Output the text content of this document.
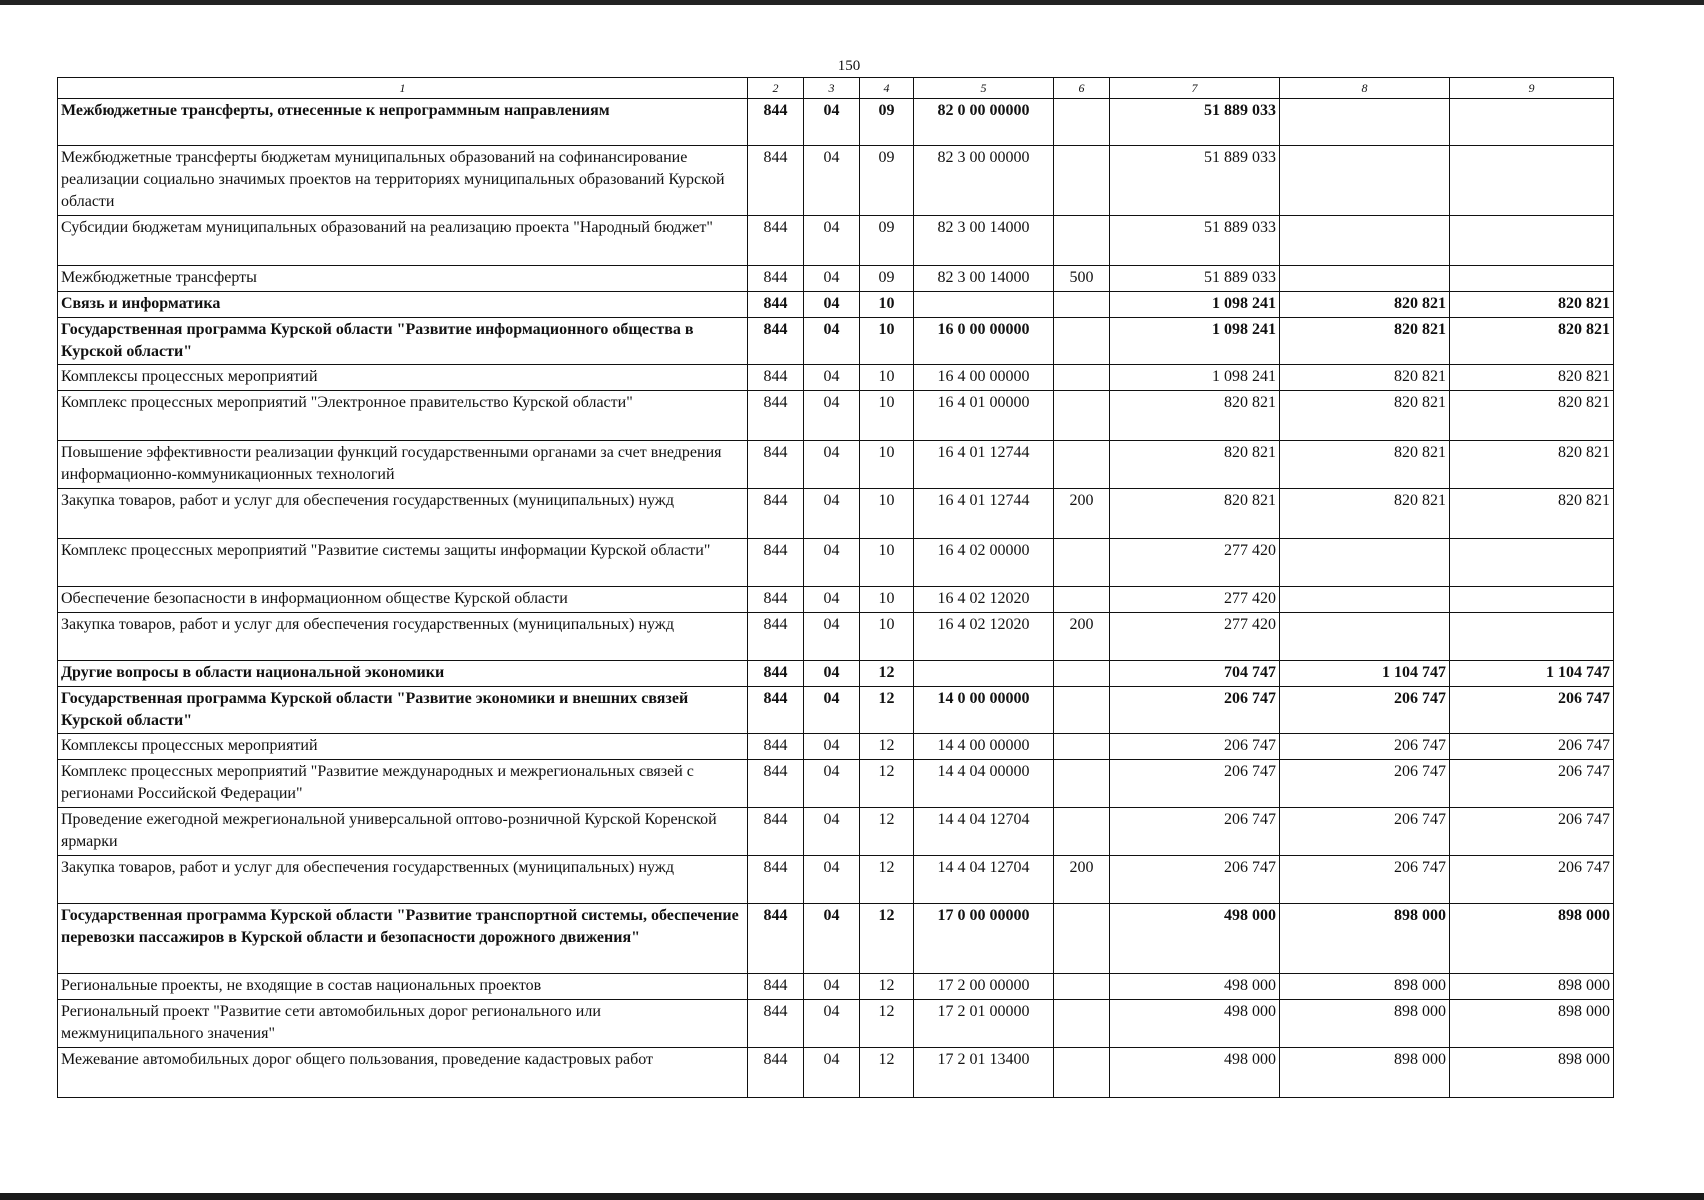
150
1	2	3	4	5	6	7	8	9
Межбюджетные трансферты, отнесенные к непрограммным направлениям	844	04	09	82 0 00 00000		51 889 033		
Межбюджетные трансферты бюджетам муниципальных образований на софинансирование реализации социально значимых проектов на территориях муниципальных образований Курской области	844	04	09	82 3 00 00000		51 889 033		
Субсидии бюджетам муниципальных образований на реализацию проекта "Народный бюджет"	844	04	09	82 3 00 14000		51 889 033		
Межбюджетные трансферты	844	04	09	82 3 00 14000	500	51 889 033		
Связь и информатика	844	04	10			1 098 241	820 821	820 821
Государственная программа Курской области "Развитие информационного общества в Курской области"	844	04	10	16 0 00 00000		1 098 241	820 821	820 821
Комплексы процессных мероприятий	844	04	10	16 4 00 00000		1 098 241	820 821	820 821
Комплекс процессных мероприятий "Электронное правительство Курской области"	844	04	10	16 4 01 00000		820 821	820 821	820 821
Повышение эффективности реализации функций государственными органами за счет внедрения информационно-коммуникационных технологий	844	04	10	16 4 01 12744		820 821	820 821	820 821
Закупка товаров, работ и услуг для обеспечения государственных (муниципальных) нужд	844	04	10	16 4 01 12744	200	820 821	820 821	820 821
Комплекс процессных мероприятий "Развитие системы защиты информации Курской области"	844	04	10	16 4 02 00000		277 420		
Обеспечение безопасности в информационном обществе Курской области	844	04	10	16 4 02 12020		277 420		
Закупка товаров, работ и услуг для обеспечения государственных (муниципальных) нужд	844	04	10	16 4 02 12020	200	277 420		
Другие вопросы в области национальной экономики	844	04	12			704 747	1 104 747	1 104 747
Государственная программа Курской области "Развитие экономики и внешних связей Курской области"	844	04	12	14 0 00 00000		206 747	206 747	206 747
Комплексы процессных мероприятий	844	04	12	14 4 00 00000		206 747	206 747	206 747
Комплекс процессных мероприятий "Развитие международных и межрегиональных связей с регионами Российской Федерации"	844	04	12	14 4 04 00000		206 747	206 747	206 747
Проведение ежегодной межрегиональной универсальной оптово-розничной Курской Коренской ярмарки	844	04	12	14 4 04 12704		206 747	206 747	206 747
Закупка товаров, работ и услуг для обеспечения государственных (муниципальных) нужд	844	04	12	14 4 04 12704	200	206 747	206 747	206 747
Государственная программа Курской области "Развитие транспортной системы, обеспечение перевозки пассажиров в Курской области и безопасности дорожного движения"	844	04	12	17 0 00 00000		498 000	898 000	898 000
Региональные проекты, не входящие в состав национальных проектов	844	04	12	17 2 00 00000		498 000	898 000	898 000
Региональный проект "Развитие сети автомобильных дорог регионального или межмуниципального значения"	844	04	12	17 2 01 00000		498 000	898 000	898 000
Межевание автомобильных дорог общего пользования, проведение кадастровых работ	844	04	12	17 2 01 13400		498 000	898 000	898 000
